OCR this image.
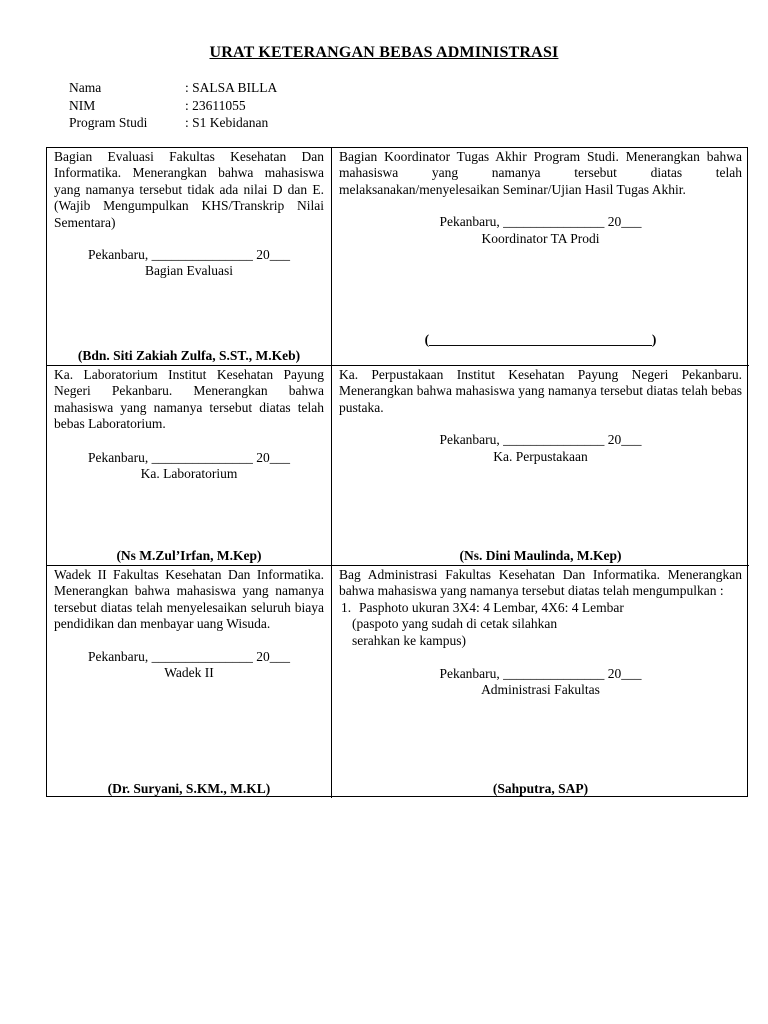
URAT KETERANGAN BEBAS ADMINISTRASI
Nama	: SALSA BILLA
NIM	: 23611055
Program Studi	: S1 Kebidanan
Bagian Evaluasi Fakultas Kesehatan Dan Informatika. Menerangkan bahwa mahasiswa yang namanya tersebut tidak ada nilai D dan E. (Wajib Mengumpulkan KHS/Transkrip Nilai Sementara)
Pekanbaru, _______________ 20___
Bagian Evaluasi
(Bdn. Siti Zakiah Zulfa, S.ST., M.Keb)
Bagian Koordinator Tugas Akhir Program Studi. Menerangkan bahwa mahasiswa yang namanya tersebut diatas telah melaksanakan/menyelesaikan Seminar/Ujian Hasil Tugas Akhir.
Pekanbaru, _______________ 20___
Koordinator TA Prodi
(_________________________________)
Ka. Laboratorium Institut Kesehatan Payung Negeri Pekanbaru. Menerangkan bahwa mahasiswa yang namanya tersebut diatas telah bebas Laboratorium.
Pekanbaru, _______________ 20___
Ka. Laboratorium
(Ns M.Zul’Irfan, M.Kep)
Ka. Perpustakaan Institut Kesehatan Payung Negeri Pekanbaru. Menerangkan bahwa mahasiswa yang namanya tersebut diatas telah bebas pustaka.
Pekanbaru, _______________ 20___
Ka. Perpustakaan
(Ns. Dini Maulinda, M.Kep)
Wadek II Fakultas Kesehatan Dan Informatika. Menerangkan bahwa mahasiswa yang namanya tersebut diatas telah menyelesaikan seluruh biaya pendidikan dan menbayar uang Wisuda.
Pekanbaru, _______________ 20___
Wadek II
(Dr. Suryani, S.KM., M.KL)
Bag Administrasi Fakultas Kesehatan Dan Informatika. Menerangkan bahwa mahasiswa yang namanya tersebut diatas telah mengumpulkan :
1. Pasphoto ukuran 3X4: 4 Lembar, 4X6: 4 Lembar
(paspoto yang sudah di cetak silahkan
serahkan ke kampus)
Pekanbaru, _______________ 20___
Administrasi Fakultas
(Sahputra, SAP)
